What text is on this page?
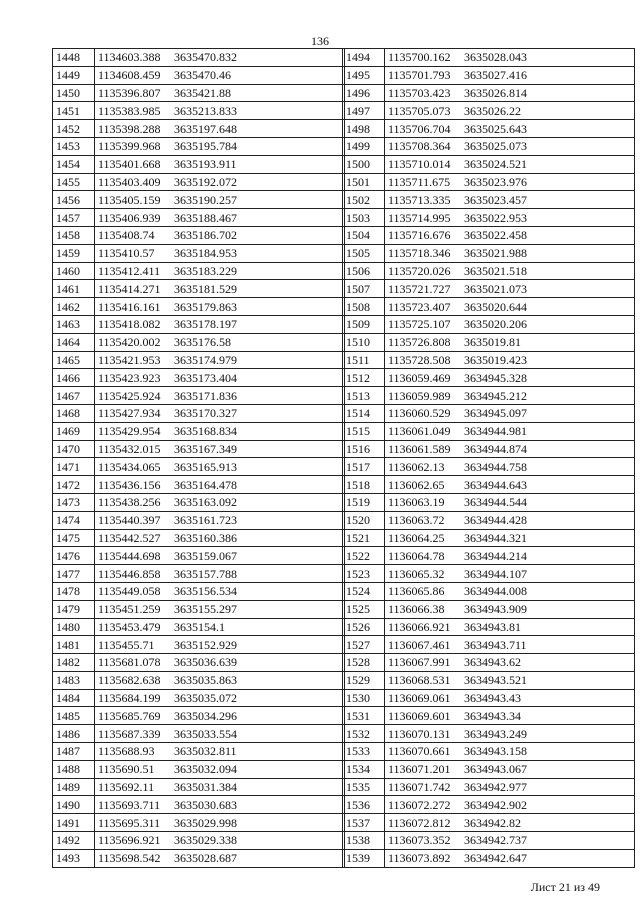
136
1448	1134603.388 3635470.832
1449	1134608.459 3635470.46
1450	1135396.807 3635421.88
1451	1135383.985 3635213.833
1452	1135398.288 3635197.648
1453	1135399.968 3635195.784
1454	1135401.668 3635193.911
1455	1135403.409 3635192.072
1456	1135405.159 3635190.257
1457	1135406.939 3635188.467
1458	1135408.74 3635186.702
1459	1135410.57 3635184.953
1460	1135412.411 3635183.229
1461	1135414.271 3635181.529
1462	1135416.161 3635179.863
1463	1135418.082 3635178.197
1464	1135420.002 3635176.58
1465	1135421.953 3635174.979
1466	1135423.923 3635173.404
1467	1135425.924 3635171.836
1468	1135427.934 3635170.327
1469	1135429.954 3635168.834
1470	1135432.015 3635167.349
1471	1135434.065 3635165.913
1472	1135436.156 3635164.478
1473	1135438.256 3635163.092
1474	1135440.397 3635161.723
1475	1135442.527 3635160.386
1476	1135444.698 3635159.067
1477	1135446.858 3635157.788
1478	1135449.058 3635156.534
1479	1135451.259 3635155.297
1480	1135453.479 3635154.1
1481	1135455.71 3635152.929
1482	1135681.078 3635036.639
1483	1135682.638 3635035.863
1484	1135684.199 3635035.072
1485	1135685.769 3635034.296
1486	1135687.339 3635033.554
1487	1135688.93 3635032.811
1488	1135690.51 3635032.094
1489	1135692.11 3635031.384
1490	1135693.711 3635030.683
1491	1135695.311 3635029.998
1492	1135696.921 3635029.338
1493	1135698.542 3635028.687
1494	1135700.162 3635028.043
1495	1135701.793 3635027.416
1496	1135703.423 3635026.814
1497	1135705.073 3635026.22
1498	1135706.704 3635025.643
1499	1135708.364 3635025.073
1500	1135710.014 3635024.521
1501	1135711.675 3635023.976
1502	1135713.335 3635023.457
1503	1135714.995 3635022.953
1504	1135716.676 3635022.458
1505	1135718.346 3635021.988
1506	1135720.026 3635021.518
1507	1135721.727 3635021.073
1508	1135723.407 3635020.644
1509	1135725.107 3635020.206
1510	1135726.808 3635019.81
1511	1135728.508 3635019.423
1512	1136059.469 3634945.328
1513	1136059.989 3634945.212
1514	1136060.529 3634945.097
1515	1136061.049 3634944.981
1516	1136061.589 3634944.874
1517	1136062.13 3634944.758
1518	1136062.65 3634944.643
1519	1136063.19 3634944.544
1520	1136063.72 3634944.428
1521	1136064.25 3634944.321
1522	1136064.78 3634944.214
1523	1136065.32 3634944.107
1524	1136065.86 3634944.008
1525	1136066.38 3634943.909
1526	1136066.921 3634943.81
1527	1136067.461 3634943.711
1528	1136067.991 3634943.62
1529	1136068.531 3634943.521
1530	1136069.061 3634943.43
1531	1136069.601 3634943.34
1532	1136070.131 3634943.249
1533	1136070.661 3634943.158
1534	1136071.201 3634943.067
1535	1136071.742 3634942.977
1536	1136072.272 3634942.902
1537	1136072.812 3634942.82
1538	1136073.352 3634942.737
1539	1136073.892 3634942.647
Лист 21 из 49
